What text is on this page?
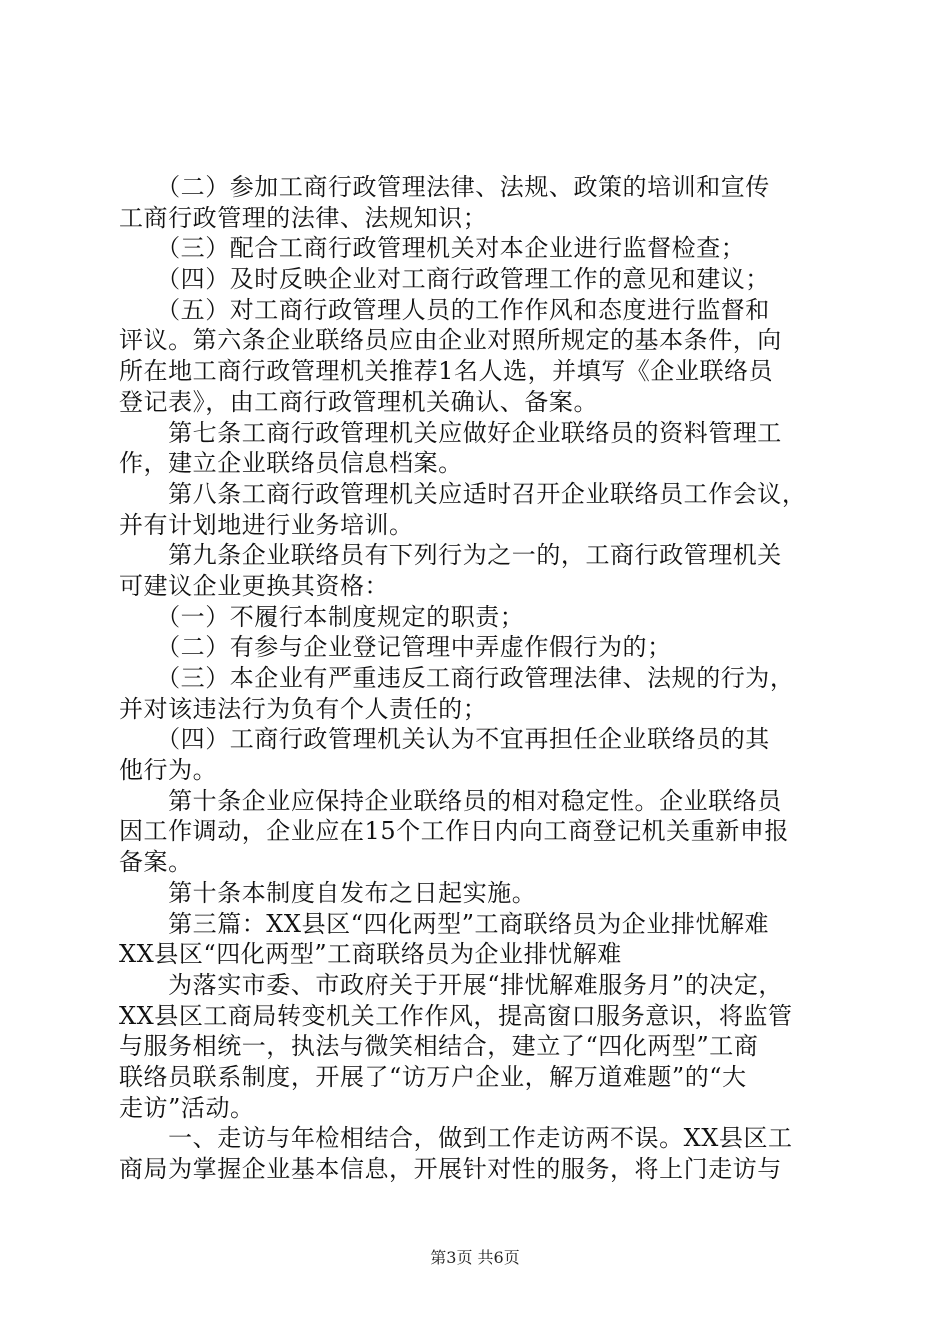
　　（二）参加工商行政管理法律、法规、政策的培训和宣传
工商行政管理的法律、法规知识；
　　（三）配合工商行政管理机关对本企业进行监督检查；
　　（四）及时反映企业对工商行政管理工作的意见和建议；
　　（五）对工商行政管理人员的工作作风和态度进行监督和
评议。第六条企业联络员应由企业对照所规定的基本条件，向
所在地工商行政管理机关推荐1名人选，并填写《企业联络员
登记表》，由工商行政管理机关确认、备案。
　　第七条工商行政管理机关应做好企业联络员的资料管理工
作，建立企业联络员信息档案。
　　第八条工商行政管理机关应适时召开企业联络员工作会议，
并有计划地进行业务培训。
　　第九条企业联络员有下列行为之一的，工商行政管理机关
可建议企业更换其资格：
　　（一）不履行本制度规定的职责；
　　（二）有参与企业登记管理中弄虚作假行为的；
　　（三）本企业有严重违反工商行政管理法律、法规的行为，
并对该违法行为负有个人责任的；
　　（四）工商行政管理机关认为不宜再担任企业联络员的其
他行为。
　　第十条企业应保持企业联络员的相对稳定性。企业联络员
因工作调动，企业应在15个工作日内向工商登记机关重新申报
备案。
　　第十条本制度自发布之日起实施。
　　第三篇：XX县区“四化两型”工商联络员为企业排忧解难
XX县区“四化两型”工商联络员为企业排忧解难
　　为落实市委、市政府关于开展“排忧解难服务月”的决定，
XX县区工商局转变机关工作作风，提高窗口服务意识，将监管
与服务相统一，执法与微笑相结合，建立了“四化两型”工商
联络员联系制度，开展了“访万户企业，解万道难题”的“大
走访”活动。
　　一、走访与年检相结合，做到工作走访两不误。XX县区工
商局为掌握企业基本信息，开展针对性的服务，将上门走访与
第3页 共6页
